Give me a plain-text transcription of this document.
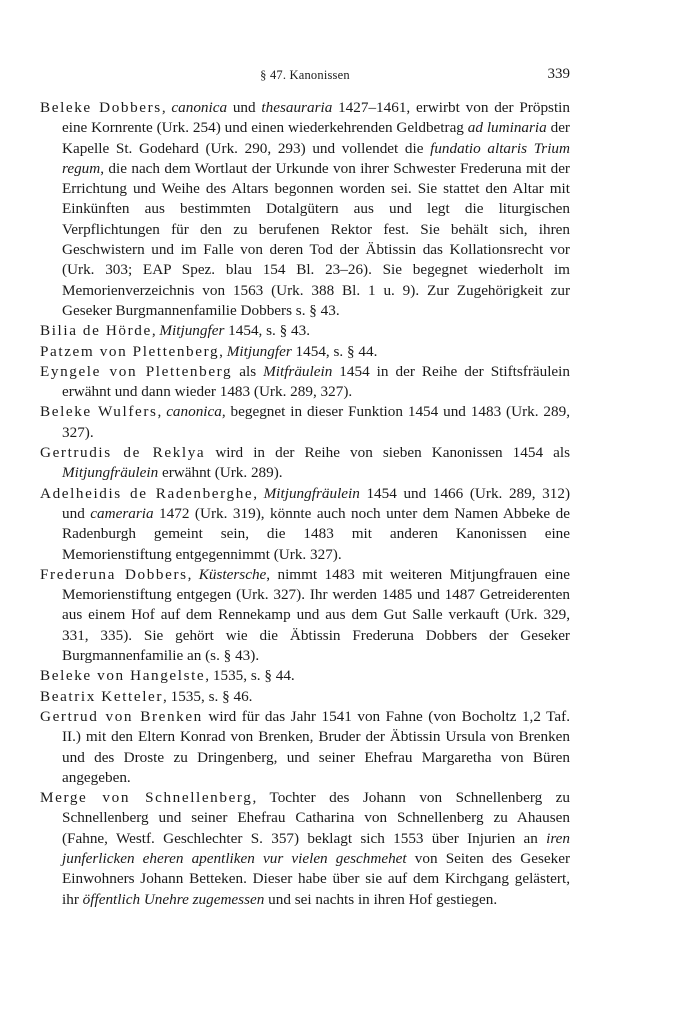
§ 47. Kanonissen	339

Beleke Dobbers, canonica und thesauraria 1427–1461, erwirbt von der Pröpstin eine Kornrente (Urk. 254) und einen wiederkehrenden Geldbetrag ad luminaria der Kapelle St. Godehard (Urk. 290, 293) und vollendet die fundatio altaris Trium regum, die nach dem Wortlaut der Urkunde von ihrer Schwester Frederuna mit der Errichtung und Weihe des Altars begonnen worden sei. Sie stattet den Altar mit Einkünften aus bestimmten Dotalgütern aus und legt die liturgischen Verpflichtungen für den zu berufenen Rektor fest. Sie behält sich, ihren Geschwistern und im Falle von deren Tod der Äbtissin das Kollationsrecht vor (Urk. 303; EAP Spez. blau 154 Bl. 23–26). Sie begegnet wiederholt im Memorienverzeichnis von 1563 (Urk. 388 Bl. 1 u. 9). Zur Zugehörigkeit zur Geseker Burgmannenfamilie Dobbers s. § 43.

Bilia de Hörde, Mitjungfer 1454, s. § 43.

Patzem von Plettenberg, Mitjungfer 1454, s. § 44.

Eyngele von Plettenberg als Mitfräulein 1454 in der Reihe der Stiftsfräulein erwähnt und dann wieder 1483 (Urk. 289, 327).

Beleke Wulfers, canonica, begegnet in dieser Funktion 1454 und 1483 (Urk. 289, 327).

Gertrudis de Reklya wird in der Reihe von sieben Kanonissen 1454 als Mitjungfräulein erwähnt (Urk. 289).

Adelheidis de Radenberghe, Mitjungfräulein 1454 und 1466 (Urk. 289, 312) und cameraria 1472 (Urk. 319), könnte auch noch unter dem Namen Abbeke de Radenburgh gemeint sein, die 1483 mit anderen Kanonissen eine Memorienstiftung entgegennimmt (Urk. 327).

Frederuna Dobbers, Küstersche, nimmt 1483 mit weiteren Mitjungfrauen eine Memorienstiftung entgegen (Urk. 327). Ihr werden 1485 und 1487 Getreiderenten aus einem Hof auf dem Rennekamp und aus dem Gut Salle verkauft (Urk. 329, 331, 335). Sie gehört wie die Äbtissin Frederuna Dobbers der Geseker Burgmannenfamilie an (s. § 43).

Beleke von Hangelste, 1535, s. § 44.

Beatrix Ketteler, 1535, s. § 46.

Gertrud von Brenken wird für das Jahr 1541 von Fahne (von Bocholtz 1,2 Taf. II.) mit den Eltern Konrad von Brenken, Bruder der Äbtissin Ursula von Brenken und des Droste zu Dringenberg, und seiner Ehefrau Margaretha von Büren angegeben.

Merge von Schnellenberg, Tochter des Johann von Schnellenberg zu Schnellenberg und seiner Ehefrau Catharina von Schnellenberg zu Ahausen (Fahne, Westf. Geschlechter S. 357) beklagt sich 1553 über Injurien an iren junferlicken eheren apentliken vur vielen geschmehet von Seiten des Geseker Einwohners Johann Betteken. Dieser habe über sie auf dem Kirchgang gelästert, ihr öffentlich Unehre zugemessen und sei nachts in ihren Hof gestiegen.
